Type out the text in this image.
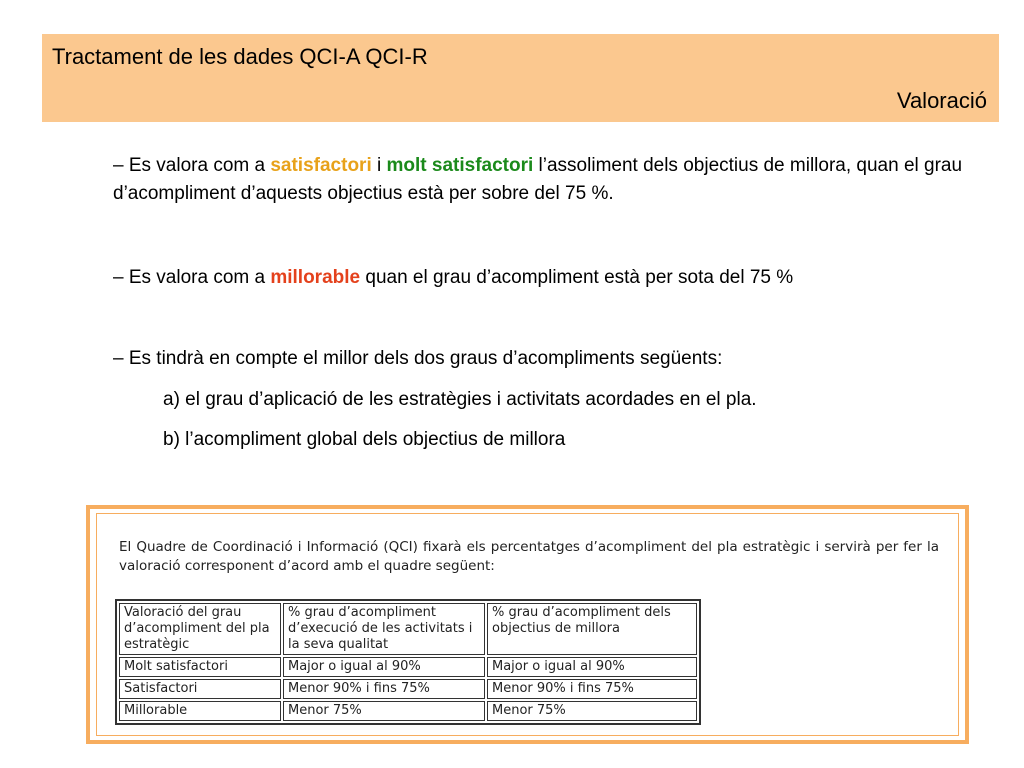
Tractament de les dades QCI-A QCI-R
Valoració

– Es valora com a satisfactori i molt satisfactori l’assoliment dels objectius de millora, quan el grau d’acompliment d’aquests objectius està per sobre del 75 %.

– Es valora com a millorable quan el grau d’acompliment està per sota del 75 %

– Es tindrà en compte el millor dels dos graus d’acompliments següents:

a) el grau d’aplicació de les estratègies i activitats acordades en el pla.

b) l’acompliment global dels objectius de millora

El Quadre de Coordinació i Informació (QCI) fixarà els percentatges d’acompliment del pla estratègic i servirà per fer la valoració corresponent d’acord amb el quadre següent:
Valoració del grau d’acompliment del pla estratègic	% grau d’acompliment d’execució de les activitats i la seva qualitat	% grau d’acompliment dels objectius de millora
Molt satisfactori	Major o igual al 90%	Major o igual al 90%
Satisfactori	Menor 90% i fins 75%	Menor 90% i fins 75%
Millorable	Menor 75%	Menor 75%
